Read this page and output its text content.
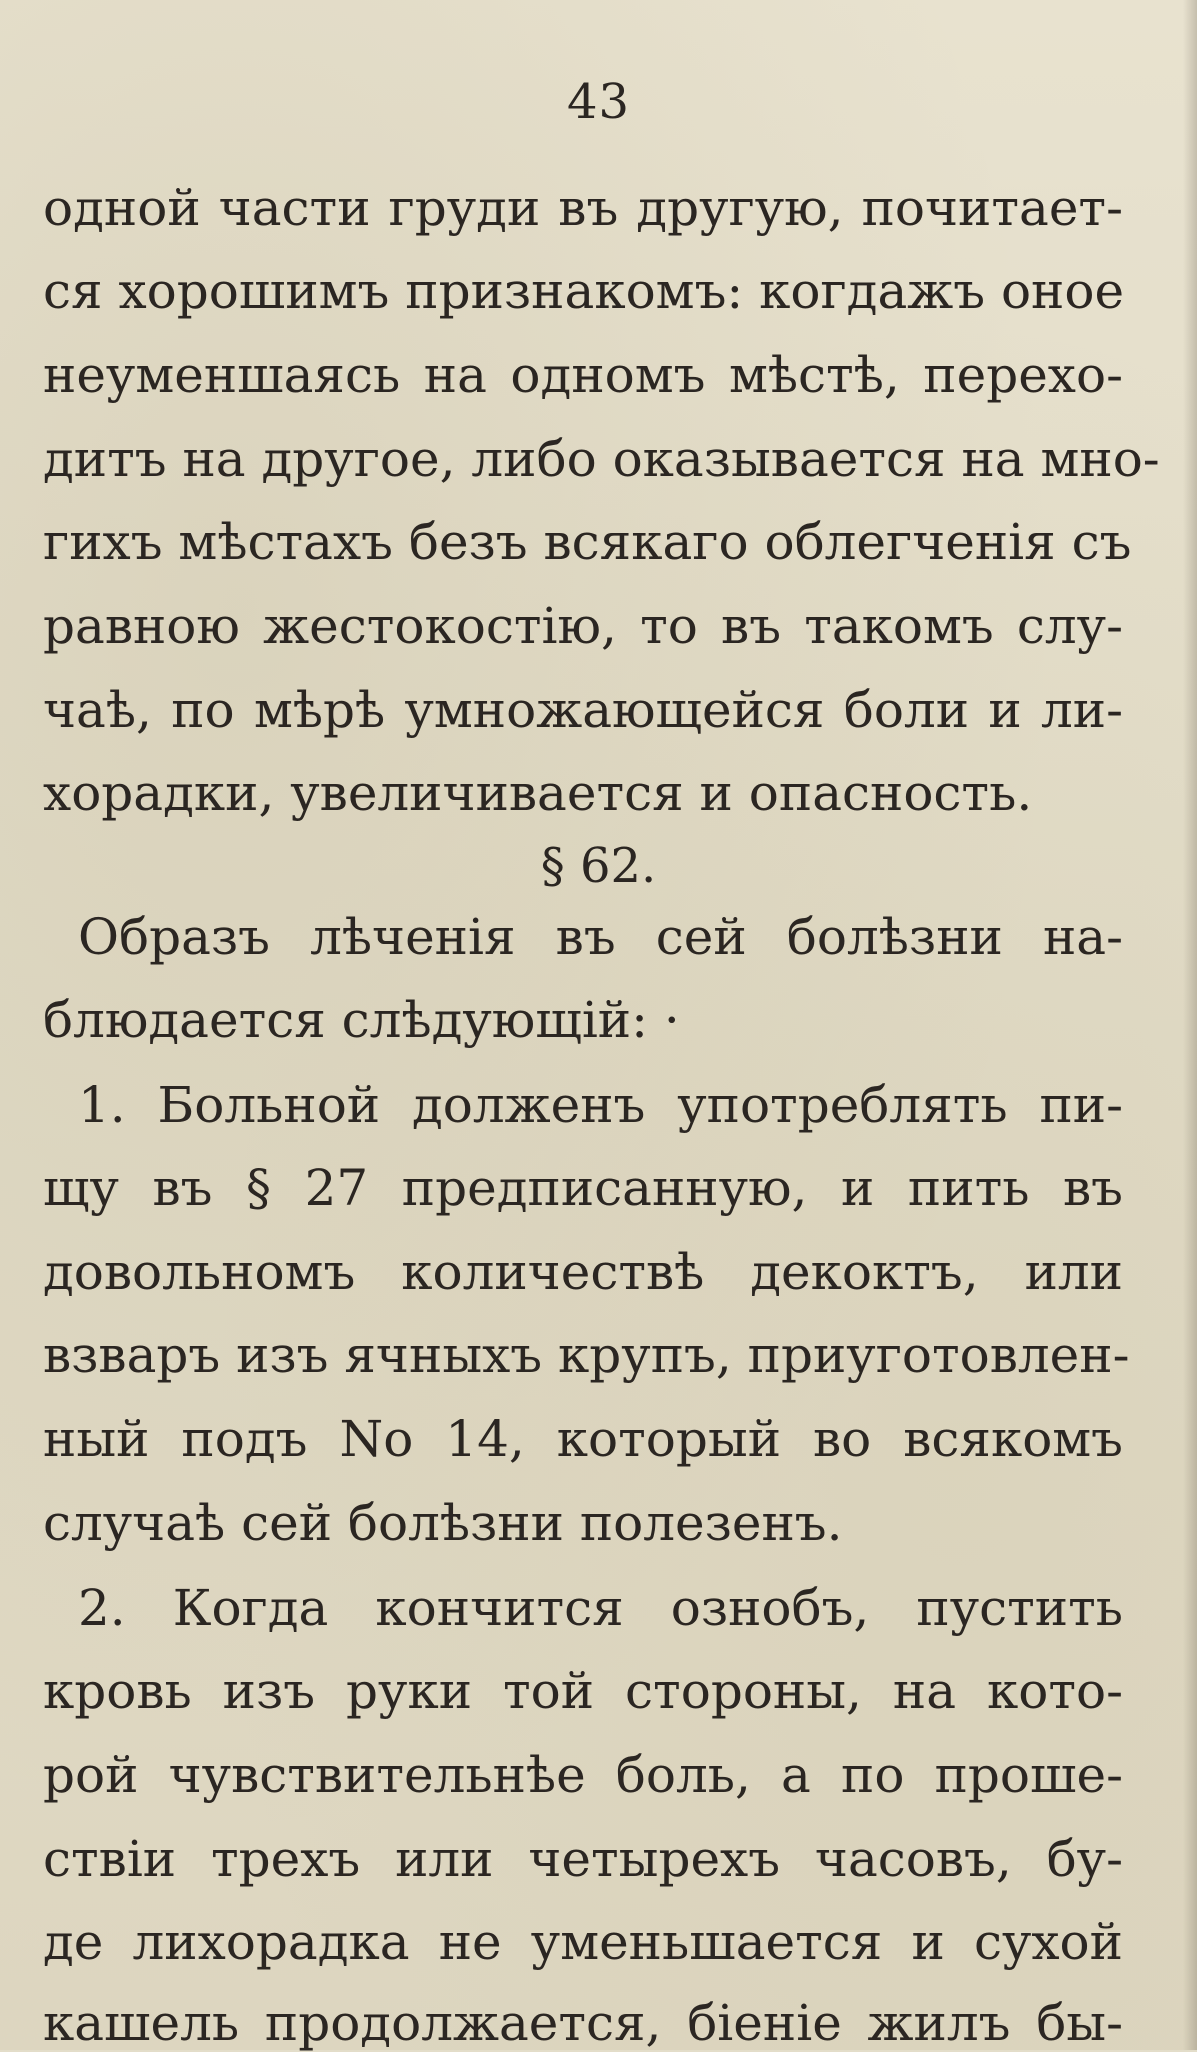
43

одной части груди въ другую, почитает-

ся хорошимъ признакомъ: когдажъ оное

неуменшаясь на одномъ мѣстѣ, перехо-

дитъ на другое, либо оказывается на мно-

гихъ мѣстахъ безъ всякаго облегченія съ

равною жестокостію, то въ такомъ слу-

чаѣ, по мѣрѣ умножающейся боли и ли-

хорадки, увеличивается и опасность.

§ 62.

Образъ лѣченія въ сей болѣзни на-

блюдается слѣдующій: ·

1. Больной долженъ употреблять пи-

щу въ § 27 предписанную, и пить въ

довольномъ количествѣ декоктъ, или

взваръ изъ ячныхъ крупъ, приуготовлен-

ный подъ No 14, который во всякомъ

случаѣ сей болѣзни полезенъ.

2. Когда кончится ознобъ, пустить

кровь изъ руки той стороны, на кото-

рой чувствительнѣе боль, а по проше-

ствіи трехъ или четырехъ часовъ, бу-

де лихорадка не уменьшается и сухой

кашель продолжается, біеніе жилъ бы-
